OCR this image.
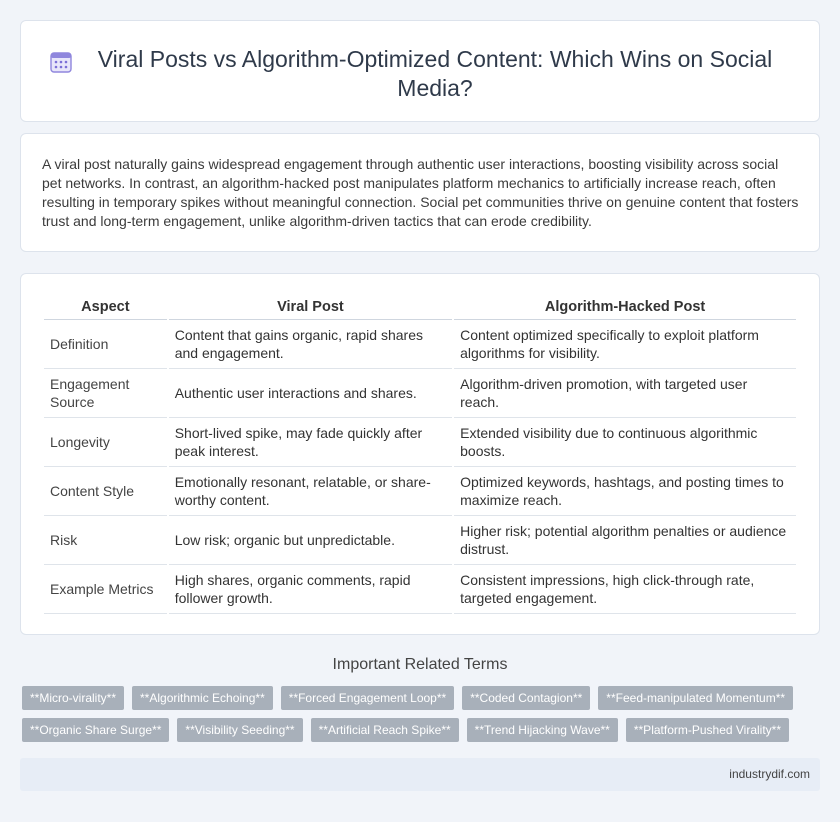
Viral Posts vs Algorithm-Optimized Content: Which Wins on Social Media?

A viral post naturally gains widespread engagement through authentic user interactions, boosting visibility across social pet networks. In contrast, an algorithm-hacked post manipulates platform mechanics to artificially increase reach, often resulting in temporary spikes without meaningful connection. Social pet communities thrive on genuine content that fosters trust and long-term engagement, unlike algorithm-driven tactics that can erode credibility.

Aspect	Viral Post	Algorithm-Hacked Post
Definition	Content that gains organic, rapid shares and engagement.	Content optimized specifically to exploit platform algorithms for visibility.
Engagement Source	Authentic user interactions and shares.	Algorithm-driven promotion, with targeted user reach.
Longevity	Short-lived spike, may fade quickly after peak interest.	Extended visibility due to continuous algorithmic boosts.
Content Style	Emotionally resonant, relatable, or share-worthy content.	Optimized keywords, hashtags, and posting times to maximize reach.
Risk	Low risk; organic but unpredictable.	Higher risk; potential algorithm penalties or audience distrust.
Example Metrics	High shares, organic comments, rapid follower growth.	Consistent impressions, high click-through rate, targeted engagement.
Important Related Terms
**Micro-virality**	**Algorithmic Echoing**	**Forced Engagement Loop**	**Coded Contagion**	**Feed-manipulated Momentum**
**Organic Share Surge**	**Visibility Seeding**	**Artificial Reach Spike**	**Trend Hijacking Wave**	**Platform-Pushed Virality**
industrydif.com
